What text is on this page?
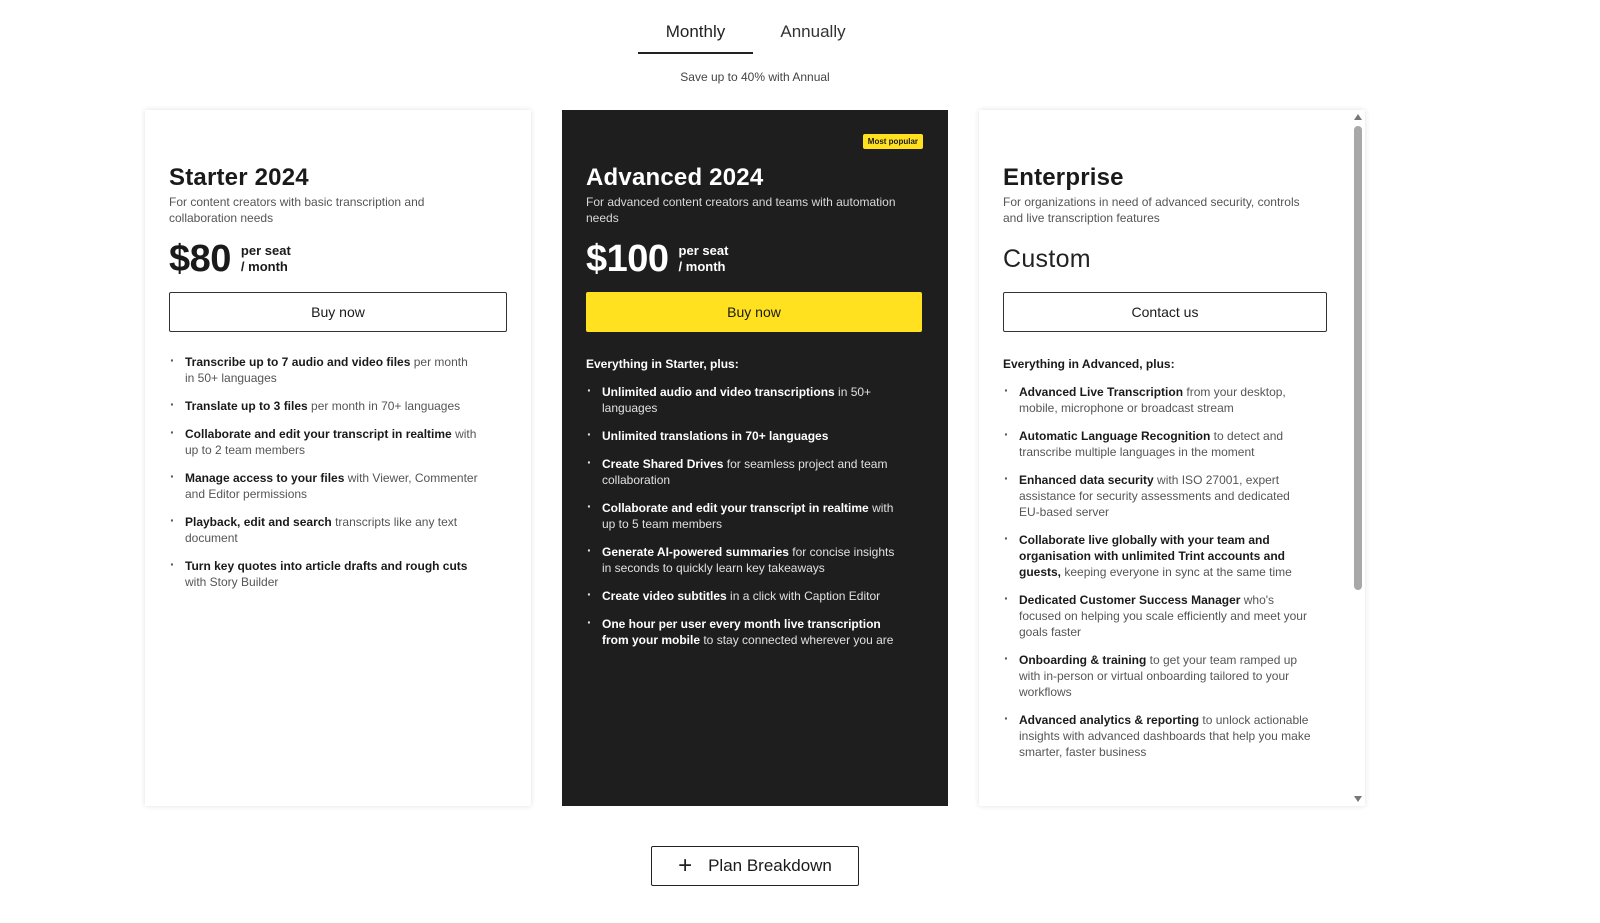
Monthly	Annually
Save up to 40% with Annual
Starter 2024
For content creators with basic transcription and collaboration needs
$80 per seat
/ month
Buy now
· Transcribe up to 7 audio and video files per month in 50+ languages
· Translate up to 3 files per month in 70+ languages
· Collaborate and edit your transcript in realtime with up to 2 team members
· Manage access to your files with Viewer, Commenter and Editor permissions
· Playback, edit and search transcripts like any text document
· Turn key quotes into article drafts and rough cuts with Story Builder
Most popular
Advanced 2024
For advanced content creators and teams with automation needs
$100 per seat
/ month
Buy now
Everything in Starter, plus:
· Unlimited audio and video transcriptions in 50+ languages
· Unlimited translations in 70+ languages
· Create Shared Drives for seamless project and team collaboration
· Collaborate and edit your transcript in realtime with up to 5 team members
· Generate AI-powered summaries for concise insights in seconds to quickly learn key takeaways
· Create video subtitles in a click with Caption Editor
· One hour per user every month live transcription from your mobile to stay connected wherever you are
Enterprise
For organizations in need of advanced security, controls and live transcription features
Custom
Contact us
Everything in Advanced, plus:
· Advanced Live Transcription from your desktop, mobile, microphone or broadcast stream
· Automatic Language Recognition to detect and transcribe multiple languages in the moment
· Enhanced data security with ISO 27001, expert assistance for security assessments and dedicated EU-based server
· Collaborate live globally with your team and organisation with unlimited Trint accounts and guests, keeping everyone in sync at the same time
· Dedicated Customer Success Manager who's focused on helping you scale efficiently and meet your goals faster
· Onboarding & training to get your team ramped up with in-person or virtual onboarding tailored to your workflows
· Advanced analytics & reporting to unlock actionable insights with advanced dashboards that help you make smarter, faster business
+ Plan Breakdown
